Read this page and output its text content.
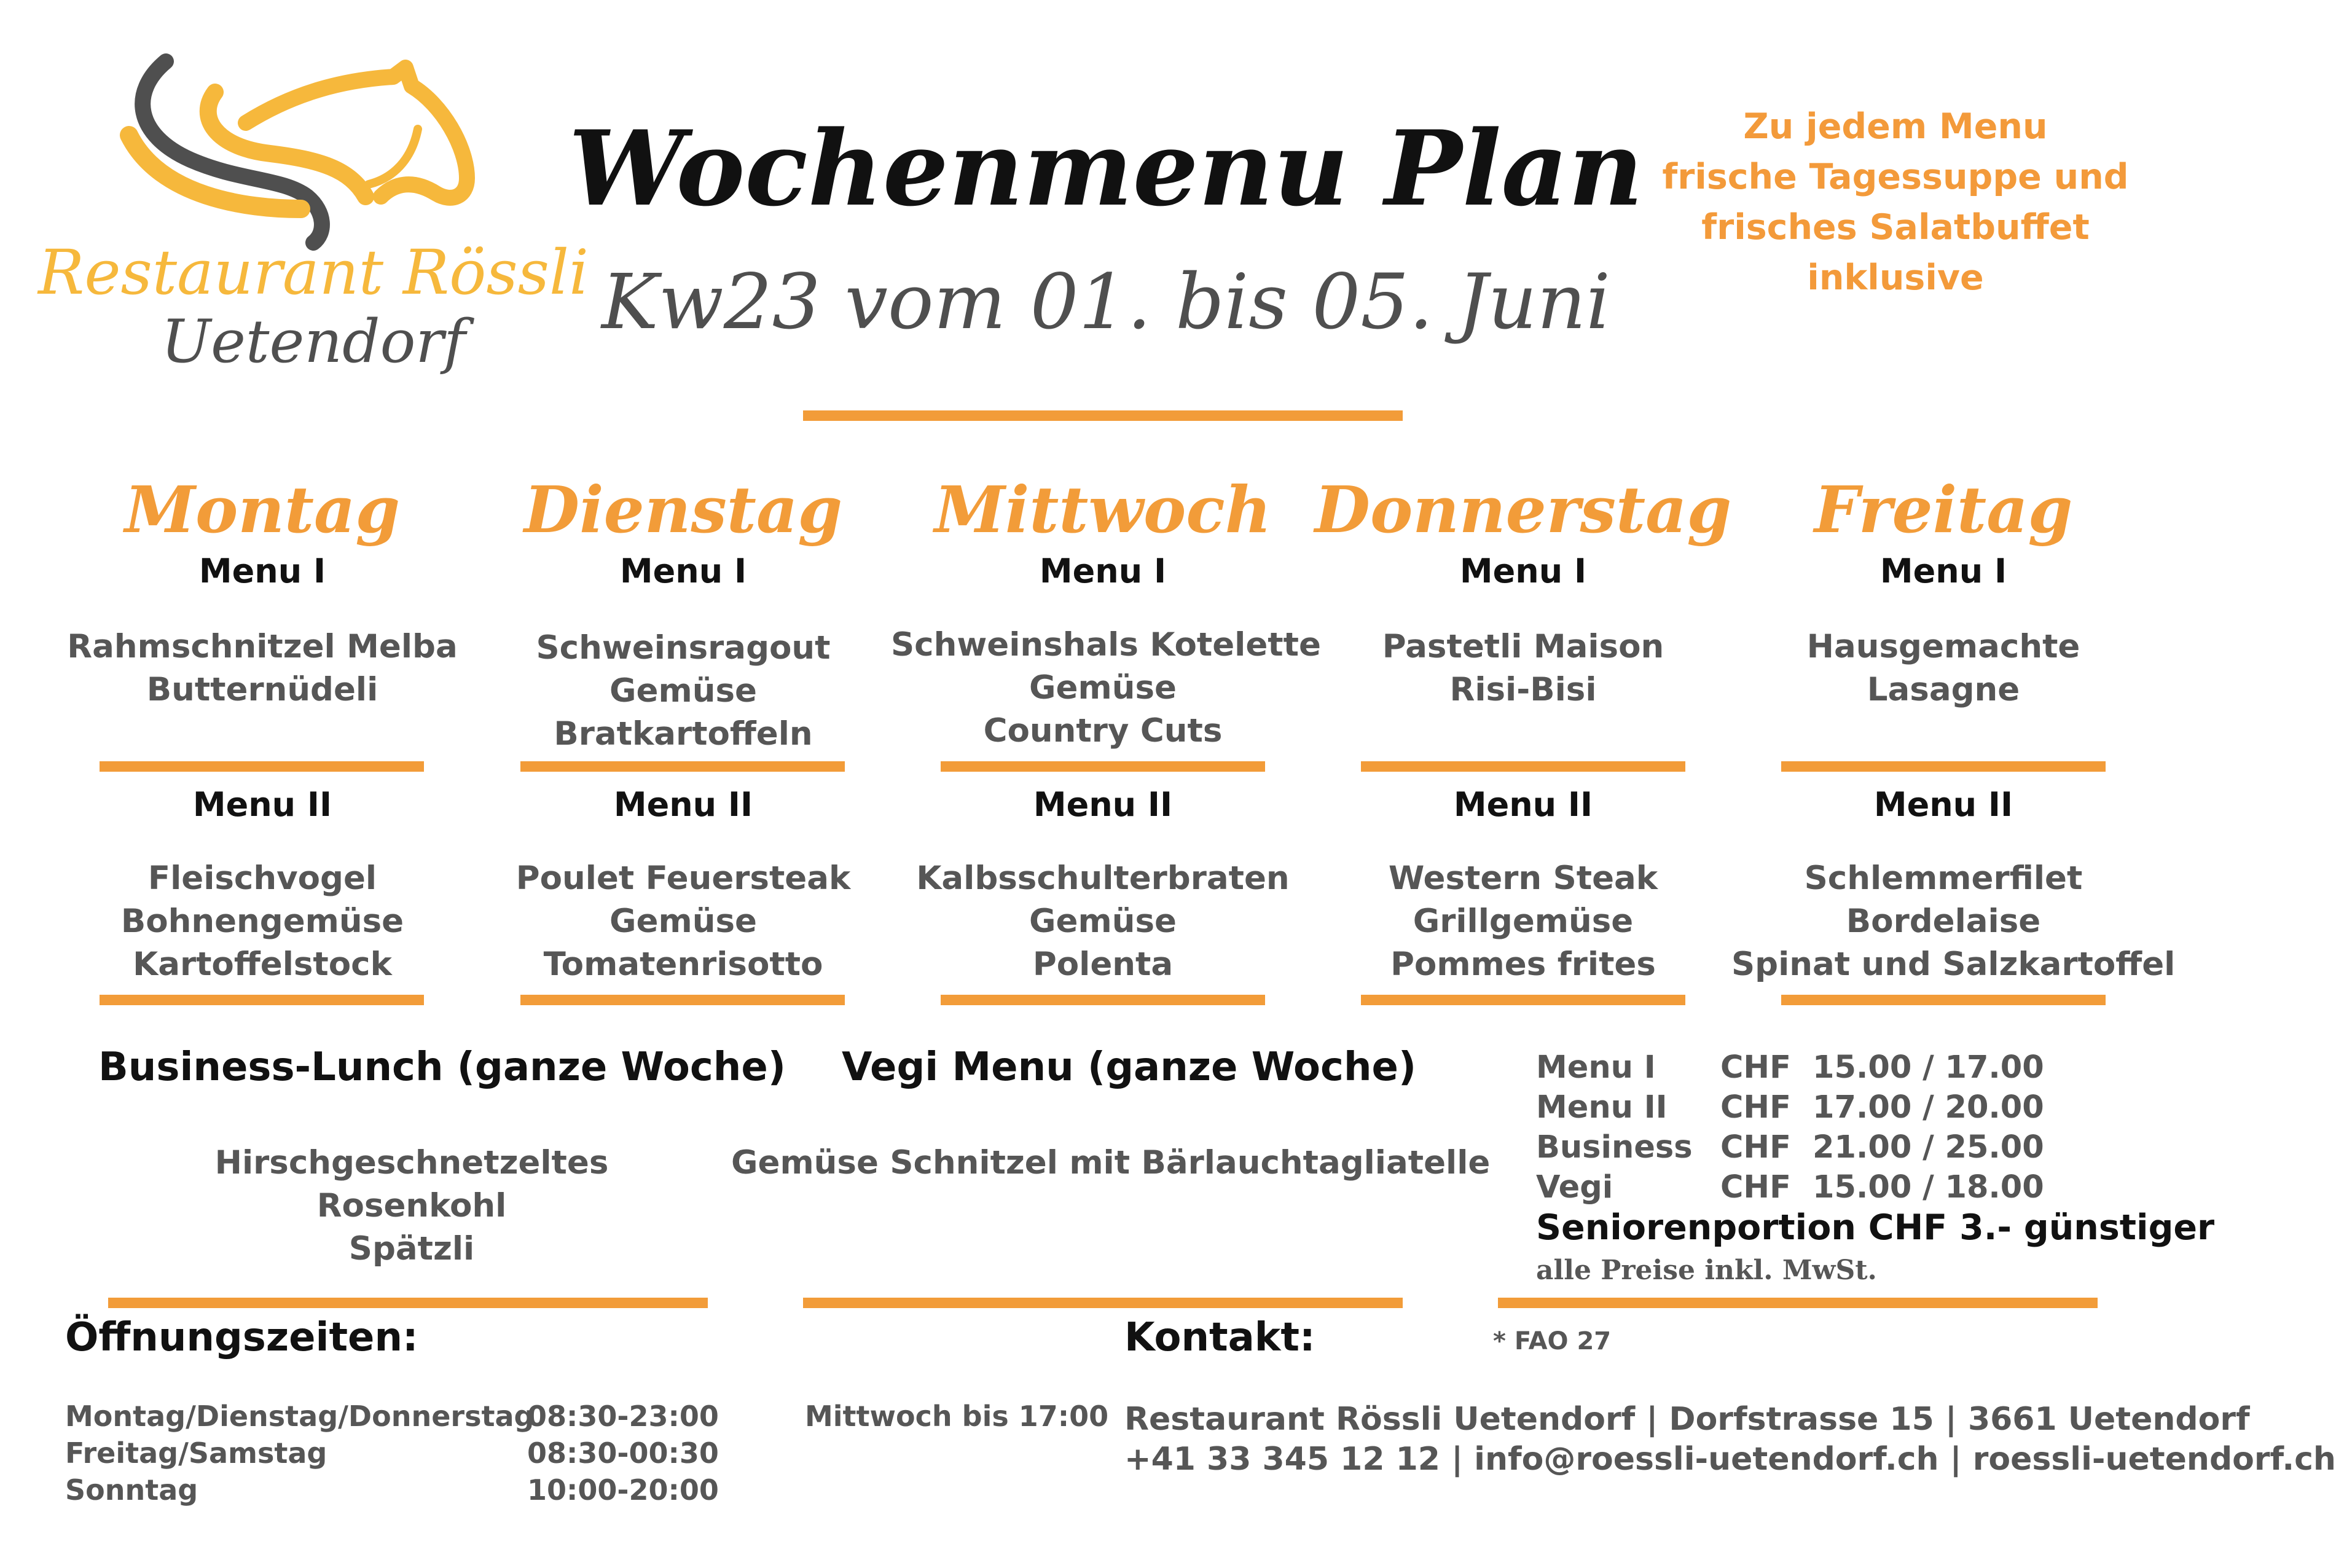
Restaurant Rössli
Uetendorf
Wochenmenu Plan
Kw23 vom 01. bis 05. Juni
Zu jedem Menu
frische Tagessuppe und
frisches Salatbuffet
inklusive
Montag
Menu I
Rahmschnitzel Melba
Butternüdeli
Menu II
Fleischvogel
Bohnengemüse
Kartoffelstock
Dienstag
Menu I
Schweinsragout
Gemüse
Bratkartoffeln
Menu II
Poulet Feuersteak
Gemüse
Tomatenrisotto
Mittwoch
Menu I
Schweinshals Kotelette
Gemüse
Country Cuts
Menu II
Kalbsschulterbraten
Gemüse
Polenta
Donnerstag
Menu I
Pastetli Maison
Risi-Bisi
Menu II
Western Steak
Grillgemüse
Pommes frites
Freitag
Menu I
Hausgemachte
Lasagne
Menu II
Schlemmerfilet
Bordelaise
Spinat und Salzkartoffel
Business-Lunch (ganze Woche)
Hirschgeschnetzeltes
Rosenkohl
Spätzli
Vegi Menu (ganze Woche)
Gemüse Schnitzel mit Bärlauchtagliatelle
Menu I CHF 15.00 / 17.00
Menu II CHF 17.00 / 20.00
Business CHF 21.00 / 25.00
Vegi	CHF 15.00 / 18.00
Seniorenportion CHF 3.- günstiger
alle Preise inkl. MwSt.
* FAO 27
Öffnungszeiten:
Montag/Dienstag/Donnerstag
08:30-23:00
Freitag/Samstag	08:30-00:30
Sonntag	10:00-20:00
Mittwoch bis 17:00
Kontakt:
Restaurant Rössli Uetendorf | Dorfstrasse 15 | 3661 Uetendorf
+41 33 345 12 12 | info@roessli-uetendorf.ch | roessli-uetendorf.ch
